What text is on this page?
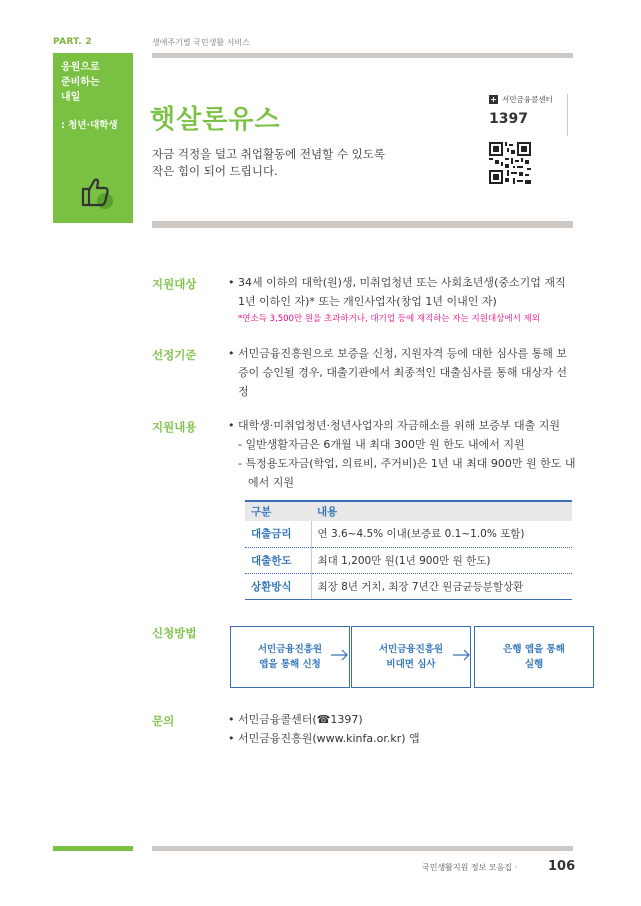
PART. 2	생애주기별 국민생활 서비스
응원으로
준비하는
내일
: 청년·대학생 햇살론유스
자금 걱정을 덜고 취업활동에 전념할 수 있도록
작은 힘이 되어 드립니다.
+ 서민금융콜센터
1397
지원대상	• 34세 이하의 대학(원)생, 미취업청년 또는 사회초년생(중소기업 재직 1년 이하인 자)* 또는 개인사업자(창업 1년 이내인 자)
*연소득 3,500만 원을 초과하거나, 대기업 등에 재직하는 자는 지원대상에서 제외
선정기준	• 서민금융진흥원으로 보증을 신청, 지원자격 등에 대한 심사를 통해 보증이 승인될 경우, 대출기관에서 최종적인 대출심사를 통해 대상자 선정
지원내용	• 대학생·미취업청년·청년사업자의 자금해소를 위해 보증부 대출 지원
- 일반생활자금은 6개월 내 최대 300만 원 한도 내에서 지원
- 특정용도자금(학업, 의료비, 주거비)은 1년 내 최대 900만 원 한도 내에서 지원
구분	내용
대출금리	연 3.6~4.5% 이내(보증료 0.1~1.0% 포함)
대출한도	최대 1,200만 원(1년 900만 원 한도)
상환방식	최장 8년 거치, 최장 7년간 원금균등분할상환
신청방법
서민금융진흥원
앱을 통해 신청
서민금융진흥원
비대면 심사
은행 앱을 통해
실행
문의	• 서민금융콜센터(☎1397)
• 서민금융진흥원(www.kinfa.or.kr) 앱
국민생활지원 정보 모음집 · 106
